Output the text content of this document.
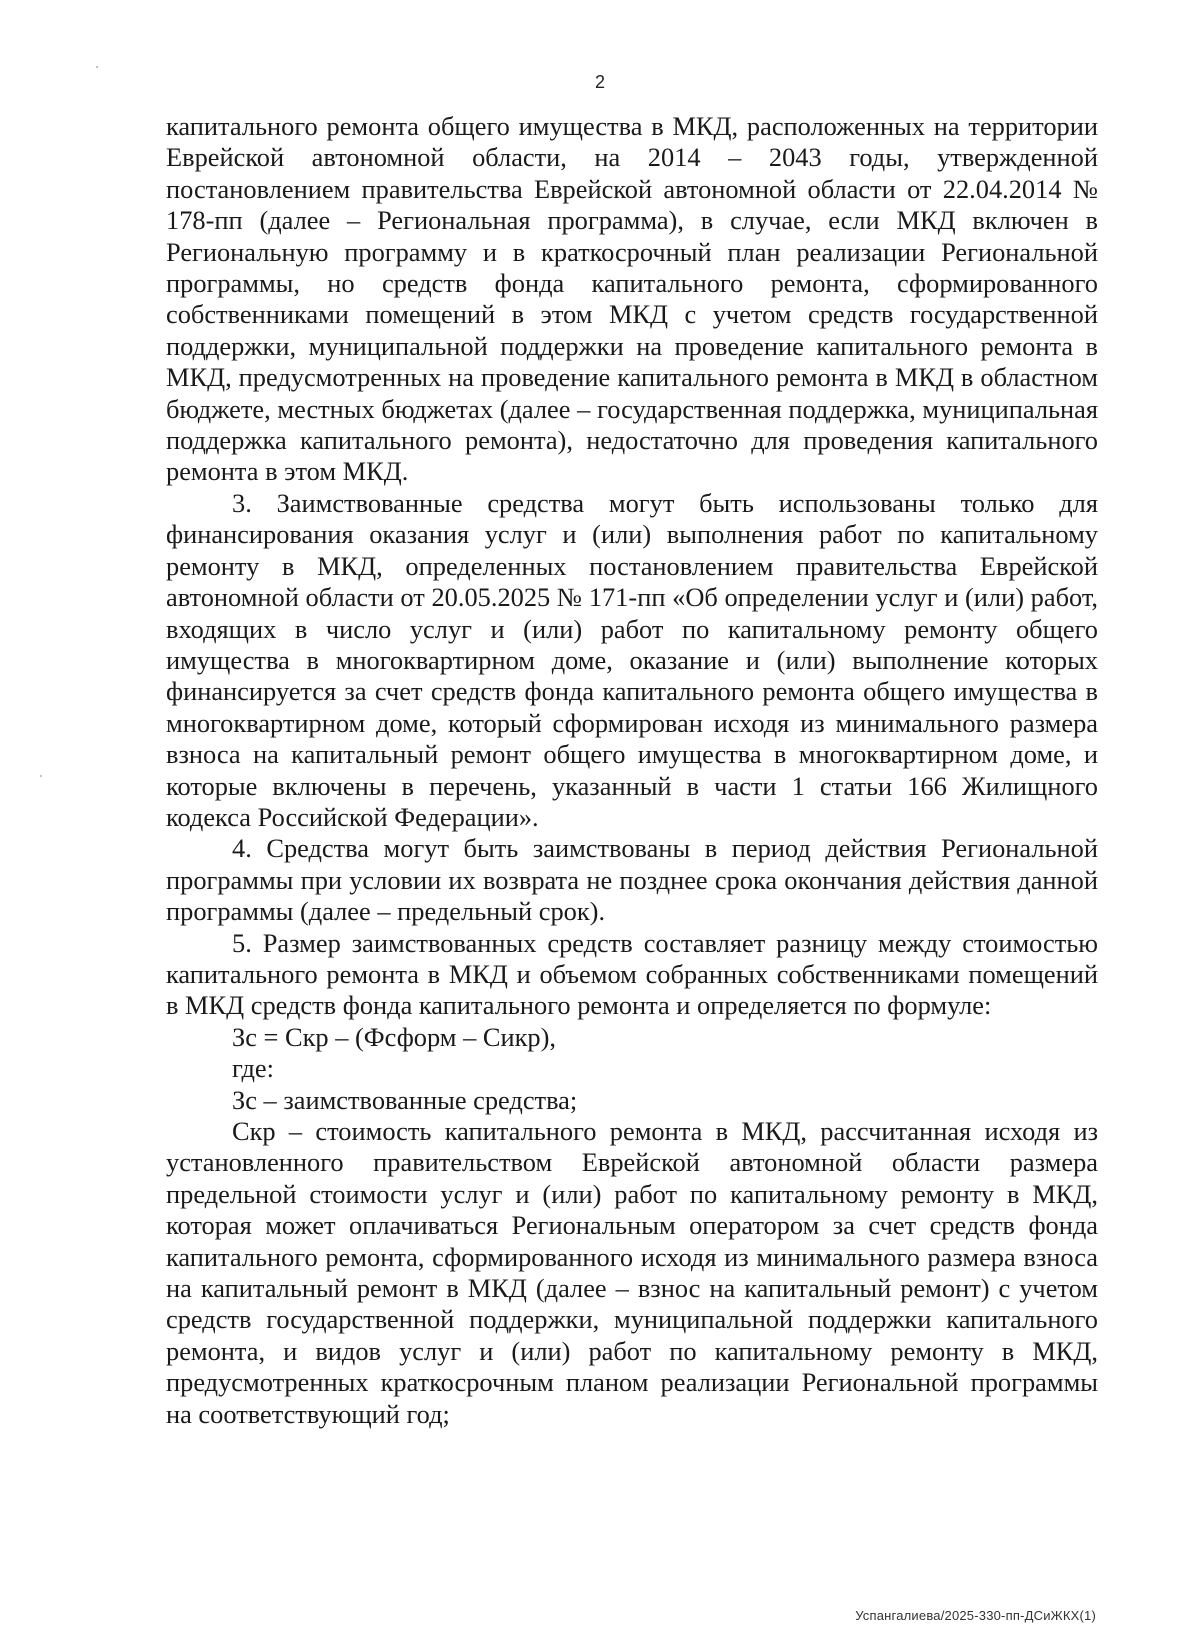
2

капитального ремонта общего имущества в МКД, расположенных на территории Еврейской автономной области, на 2014 – 2043 годы, утвержденной постановлением правительства Еврейской автономной области от 22.04.2014 № 178-пп (далее – Региональная программа), в случае, если МКД включен в Региональную программу и в краткосрочный план реализации Региональной программы, но средств фонда капитального ремонта, сформированного собственниками помещений в этом МКД с учетом средств государственной поддержки, муниципальной поддержки на проведение капитального ремонта в МКД, предусмотренных на проведение капитального ремонта в МКД в областном бюджете, местных бюджетах (далее – государственная поддержка, муниципальная поддержка капитального ремонта), недостаточно для проведения капитального ремонта в этом МКД.

3. Заимствованные средства могут быть использованы только для финансирования оказания услуг и (или) выполнения работ по капитальному ремонту в МКД, определенных постановлением правительства Еврейской автономной области от 20.05.2025 № 171-пп «Об определении услуг и (или) работ, входящих в число услуг и (или) работ по капитальному ремонту общего имущества в многоквартирном доме, оказание и (или) выполнение которых финансируется за счет средств фонда капитального ремонта общего имущества в многоквартирном доме, который сформирован исходя из минимального размера взноса на капитальный ремонт общего имущества в многоквартирном доме, и которые включены в перечень, указанный в части 1 статьи 166 Жилищного кодекса Российской Федерации».

4. Средства могут быть заимствованы в период действия Региональной программы при условии их возврата не позднее срока окончания действия данной программы (далее – предельный срок).

5. Размер заимствованных средств составляет разницу между стоимостью капитального ремонта в МКД и объемом собранных собственниками помещений в МКД средств фонда капитального ремонта и определяется по формуле:

Зс = Скр – (Фсформ – Сикр),

где:

Зс – заимствованные средства;

Скр – стоимость капитального ремонта в МКД, рассчитанная исходя из установленного правительством Еврейской автономной области размера предельной стоимости услуг и (или) работ по капитальному ремонту в МКД, которая может оплачиваться Региональным оператором за счет средств фонда капитального ремонта, сформированного исходя из минимального размера взноса на капитальный ремонт в МКД (далее – взнос на капитальный ремонт) с учетом средств государственной поддержки, муниципальной поддержки капитального ремонта, и видов услуг и (или) работ по капитальному ремонту в МКД, предусмотренных краткосрочным планом реализации Региональной программы на соответствующий год;

Успангалиева/2025-330-пп-ДСиЖКХ(1)
